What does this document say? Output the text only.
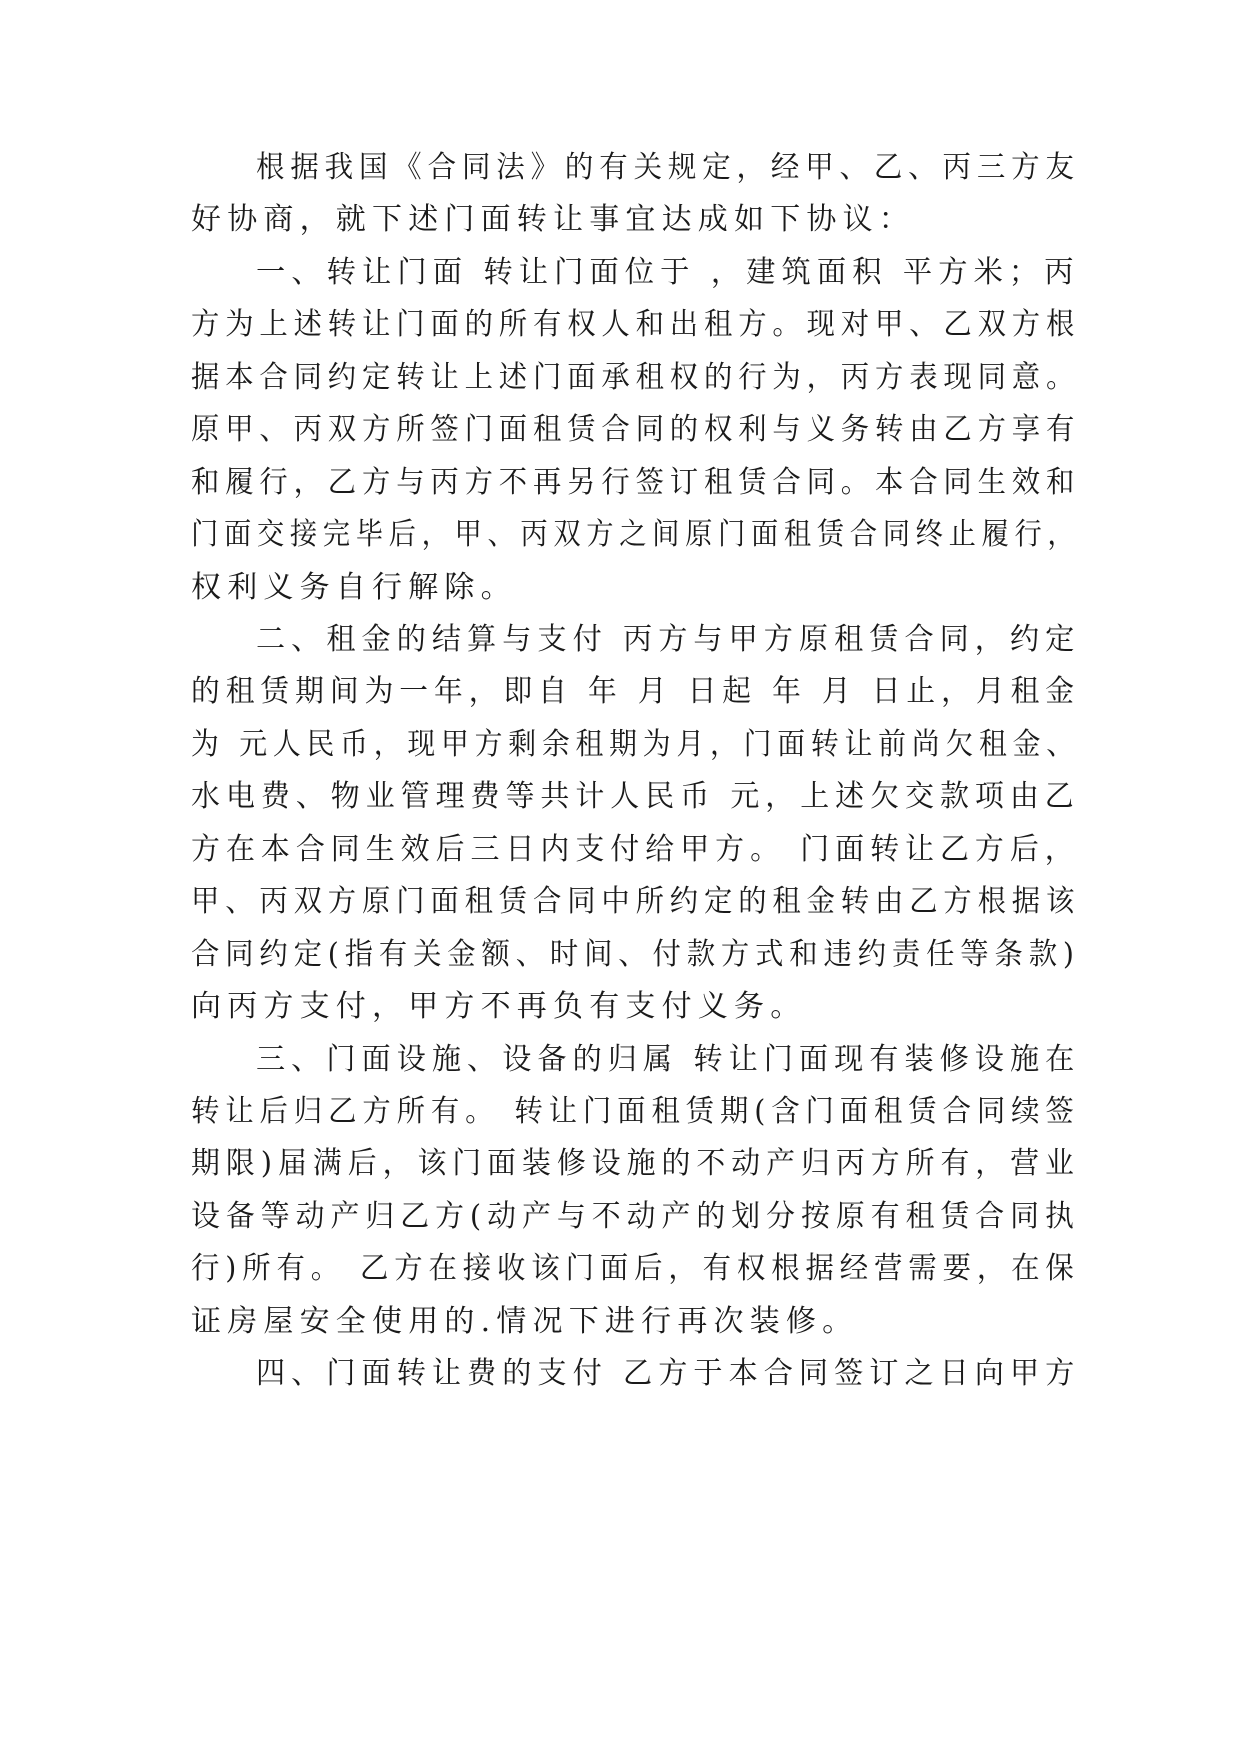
根据我国《合同法》的有关规定，经甲、乙、丙三方友
好协商，就下述门面转让事宜达成如下协议：
一、转让门面 转让门面位于 ，建筑面积 平方米；丙
方为上述转让门面的所有权人和出租方。现对甲、乙双方根
据本合同约定转让上述门面承租权的行为，丙方表现同意。
原甲、丙双方所签门面租赁合同的权利与义务转由乙方享有
和履行，乙方与丙方不再另行签订租赁合同。本合同生效和
门面交接完毕后，甲、丙双方之间原门面租赁合同终止履行，
权利义务自行解除。
二、租金的结算与支付 丙方与甲方原租赁合同，约定
的租赁期间为一年，即自 年 月 日起 年 月 日止，月租金
为 元人民币，现甲方剩余租期为月，门面转让前尚欠租金、
水电费、物业管理费等共计人民币 元，上述欠交款项由乙
方在本合同生效后三日内支付给甲方。 门面转让乙方后，
甲、丙双方原门面租赁合同中所约定的租金转由乙方根据该
合同约定(指有关金额、时间、付款方式和违约责任等条款)
向丙方支付，甲方不再负有支付义务。
三、门面设施、设备的归属 转让门面现有装修设施在
转让后归乙方所有。 转让门面租赁期(含门面租赁合同续签
期限)届满后，该门面装修设施的不动产归丙方所有，营业
设备等动产归乙方(动产与不动产的划分按原有租赁合同执
行)所有。 乙方在接收该门面后，有权根据经营需要，在保
证房屋安全使用的.情况下进行再次装修。
四、门面转让费的支付 乙方于本合同签订之日向甲方
